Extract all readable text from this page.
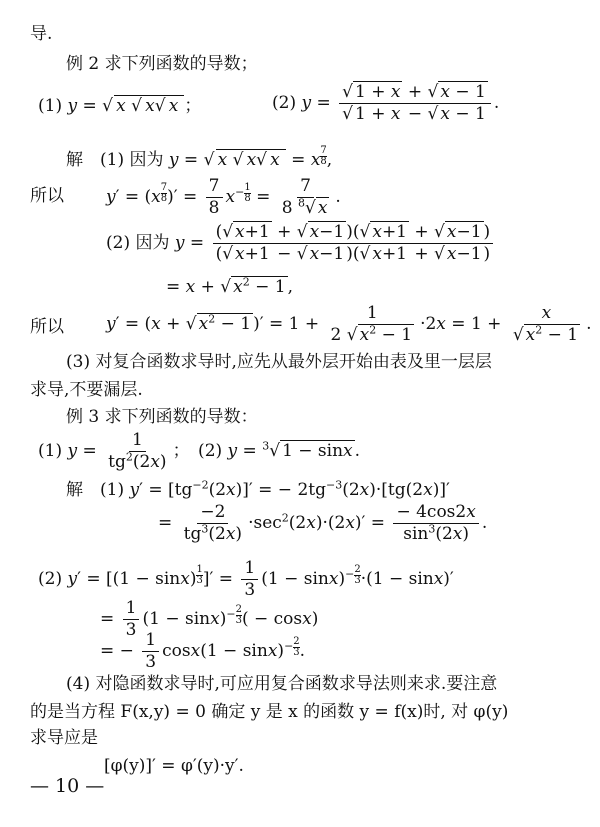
导.
例 2 求下列函数的导数；
(1) y = √ x √ x √ x ；	(2) $y = \frac{√ 1 + x + √ x - 1}{√ 1 + x - √ x - 1}$ .
解　(1) 因为 y = √ x √ x √ x = x $\frac{7}{8}$ ,
所以 $y' = (x \frac{7}{8}$ )′ = $\frac{7}{8} x^- \frac{1}{8} = \frac{7}{8 ^8√ x}$ .
(2) 因为 $y = \frac{(√ x+1 + √ x-1 )(√ x+1 + √ x-1 )}{(√ x+1 - √ x-1 )(√ x+1 + √ x-1 )}$
= x + √ $x^2 - 1$ ,
所以 y′ = (x + √ $x^2 - 1$ )′ = $1 + \frac{1}{2 √ x^2 - 1} \cdot 2x = 1 + \frac{x}{√ x^2 - 1}$ .
(3) 对复合函数求导时,应先从最外层开始由表及里一层层
求导,不要漏层.
例 3 求下列函数的导数：
(1) $y = \frac{1}{tg^2(2x)}$ ；　(2) y = $^3$√ 1 − sinx .
解　(1) $y' = [tg^{-2}(2x)]'$ = − $2tg^{-3}(2x)\cdot[tg(2x)]'$
= $\frac{-2}{tg^3(2x)} \cdot\sec^2(2x)\cdot(2x)' = \frac{- 4\cos 2x}{\sin^3(2x)}$ .
(2) $y' = [(1 - \sin x) \frac{1}{3}$ ]′ = $\frac{1}{3} (1 - \sin x)^- \frac{2}{3} \cdot(1 - \sin x)'$
= $\frac{1}{3} (1 - \sin x)^- \frac{2}{3}$ ( − cosx)
= − $\frac{1}{3} \cos x(1 - \sin x)^- \frac{2}{3}$ .
(4) 对隐函数求导时,可应用复合函数求导法则来求.要注意
的是当方程 F(x,y) = 0 确定 y 是 x 的函数 y = f(x)时, 对 φ(y)
求导应是
[φ(y)]′ = φ′(y)·y′.
— 10 —
